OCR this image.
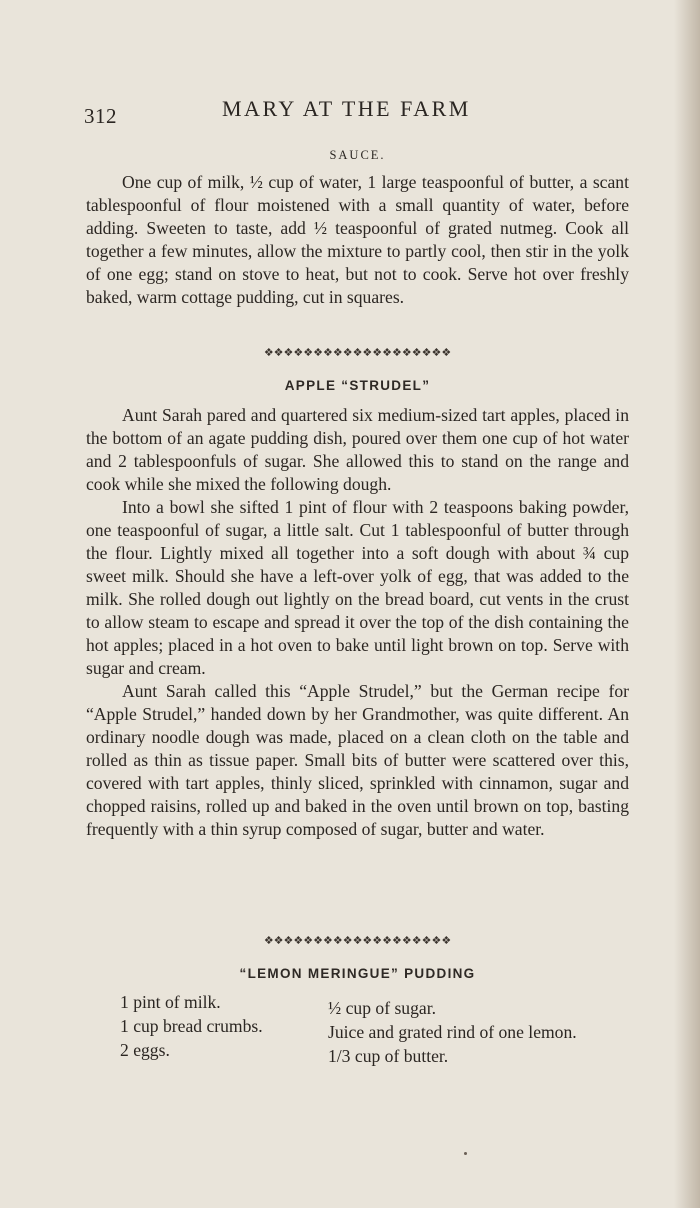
312	MARY AT THE FARM
SAUCE.

One cup of milk, ½ cup of water, 1 large teaspoonful of butter, a scant tablespoonful of flour moistened with a small quantity of water, before adding. Sweeten to taste, add ½ teaspoonful of grated nutmeg. Cook all together a few minutes, allow the mixture to partly cool, then stir in the yolk of one egg; stand on stove to heat, but not to cook. Serve hot over freshly baked, warm cottage pudding, cut in squares.

❖❖❖❖❖❖❖❖❖❖❖❖❖❖❖❖❖❖❖
APPLE “STRUDEL”

Aunt Sarah pared and quartered six medium-sized tart apples, placed in the bottom of an agate pudding dish, poured over them one cup of hot water and 2 tablespoonfuls of sugar. She allowed this to stand on the range and cook while she mixed the following dough.

Into a bowl she sifted 1 pint of flour with 2 teaspoons baking powder, one teaspoonful of sugar, a little salt. Cut 1 tablespoonful of butter through the flour. Lightly mixed all together into a soft dough with about ¾ cup sweet milk. Should she have a left-over yolk of egg, that was added to the milk. She rolled dough out lightly on the bread board, cut vents in the crust to allow steam to escape and spread it over the top of the dish containing the hot apples; placed in a hot oven to bake until light brown on top. Serve with sugar and cream.

Aunt Sarah called this “Apple Strudel,” but the German recipe for “Apple Strudel,” handed down by her Grandmother, was quite different. An ordinary noodle dough was made, placed on a clean cloth on the table and rolled as thin as tissue paper. Small bits of butter were scattered over this, covered with tart apples, thinly sliced, sprinkled with cinnamon, sugar and chopped raisins, rolled up and baked in the oven until brown on top, basting frequently with a thin syrup composed of sugar, butter and water.

❖❖❖❖❖❖❖❖❖❖❖❖❖❖❖❖❖❖❖
“LEMON MERINGUE” PUDDING
1 pint of milk.
1 cup bread crumbs.
2 eggs.
½ cup of sugar.
Juice and grated rind of one lemon.
1/3 cup of butter.
